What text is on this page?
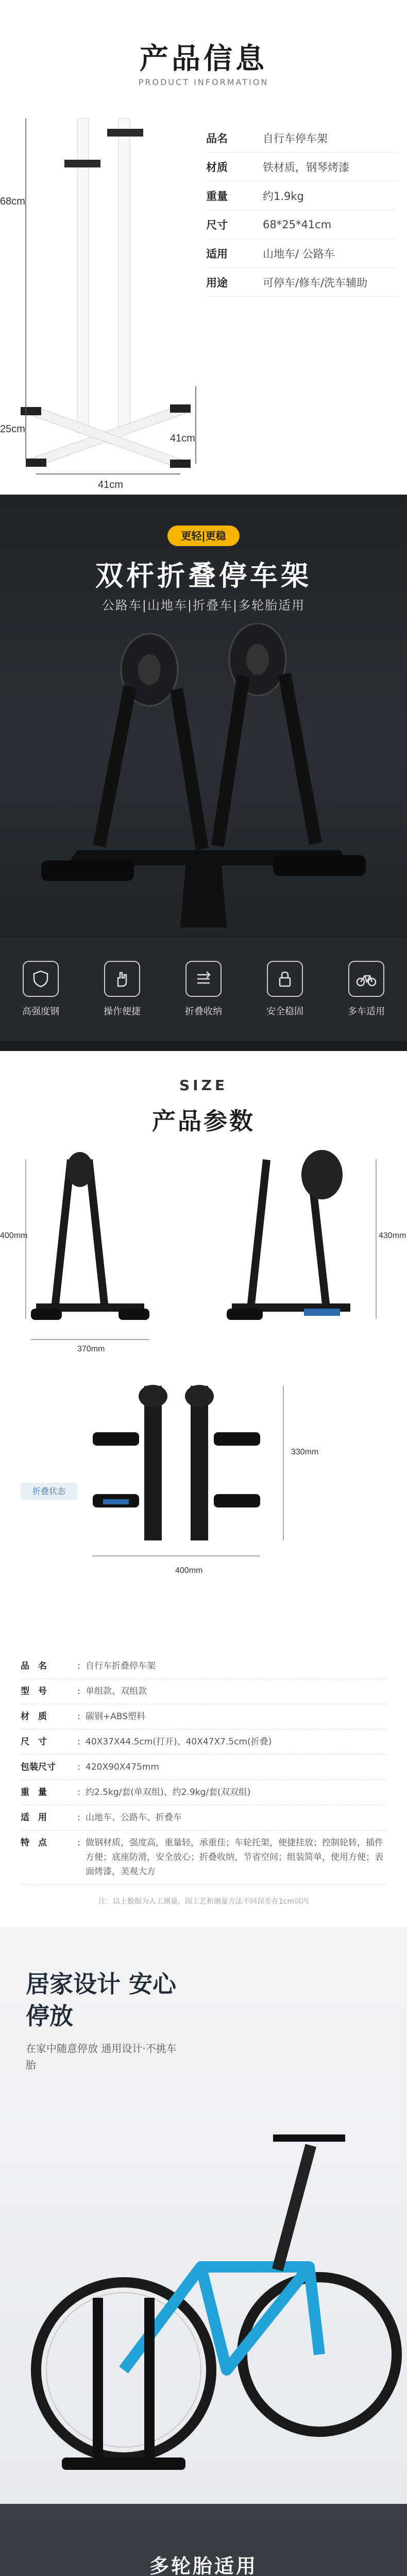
产品信息
PRODUCT INFORMATION
68cm
25cm
41cm
41cm
品名	自行车停车架
材质	铁材质，钢琴烤漆
重量	约1.9kg
尺寸	68*25*41cm
适用	山地车/ 公路车
用途	可停车/修车/洗车辅助
更轻|更稳
双杆折叠停车架
公路车|山地车|折叠车|多轮胎适用
高强度钢	操作便捷	折叠收纳	安全稳固	多车适用
SIZE
产品参数
400mm
370mm
430mm
折叠状态
400mm
330mm
品　名	: 自行车折叠停车架
型　号	: 单组款、双组款
材　质	: 碳钢+ABS塑料
尺　寸	: 40X37X44.5cm(打开)、40X47X7.5cm(折叠)
包装尺寸	: 420X90X475mm
重　量	: 约2.5kg/套(单双组)、约2.9kg/套(双双组)
适　用	: 山地车、公路车、折叠车
特　点	: 做钢材质，强度高，重量轻，承重佳；车轮托架，便捷挂放；控制轮转，插件方便；底座防滑，安全放心；折叠收纳，节省空间；组装简单，使用方便；表面烤漆，美观大方
注：以上数据为人工测量，因工艺和测量方法不同误差在1cm以内
居家设计 安心停放
在家中随意停放 通用设计·不挑车胎
多轮胎适用
